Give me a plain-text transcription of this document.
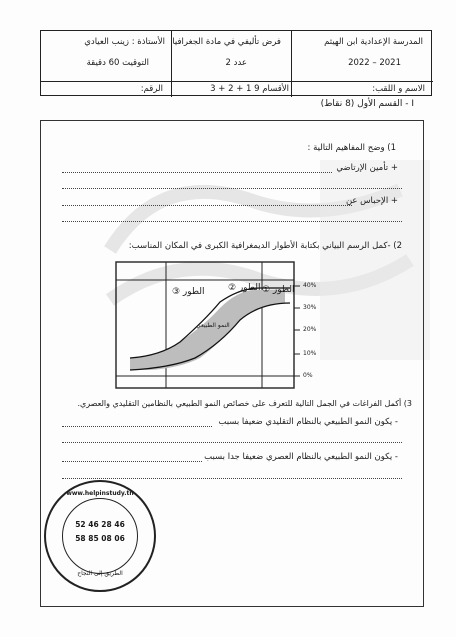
المدرسة الإعدادية ابن الهيثم
2021 – 2022
فرض تأليفي في مادة الجغرافيا
عدد 2
الأستاذة : زينب العيادي
التوقيت 60 دقيقة
الاسم و اللقب:
الأقسام 9 1 + 2 + 3
الرقم:
I - القسم الأول (8 نقاط)
1) وضح المفاهيم التالية :
+ تأمين الإرتاضي
+ الإحباس عن
2) -كمل الرسم البياني بكتابة الأطوار الديمغرافية الكبرى في المكان المناسب:
الطور ③	الطور ② الطور ①
النمو الطبيعي
40%
30%
20%
10%
0%
3) أكمل الفراغات في الجمل التالية للتعرف على خصائص النمو الطبيعي بالنظامين التقليدي والعصري.
- يكون النمو الطبيعي بالنظام التقليدي ضعيفا بسبب
- يكون النمو الطبيعي بالنظام العصري ضعيفا جدا بسبب
www.helpinstudy.tn
52 46 28 46
58 85 08 06
الطريق إلى النجاح
